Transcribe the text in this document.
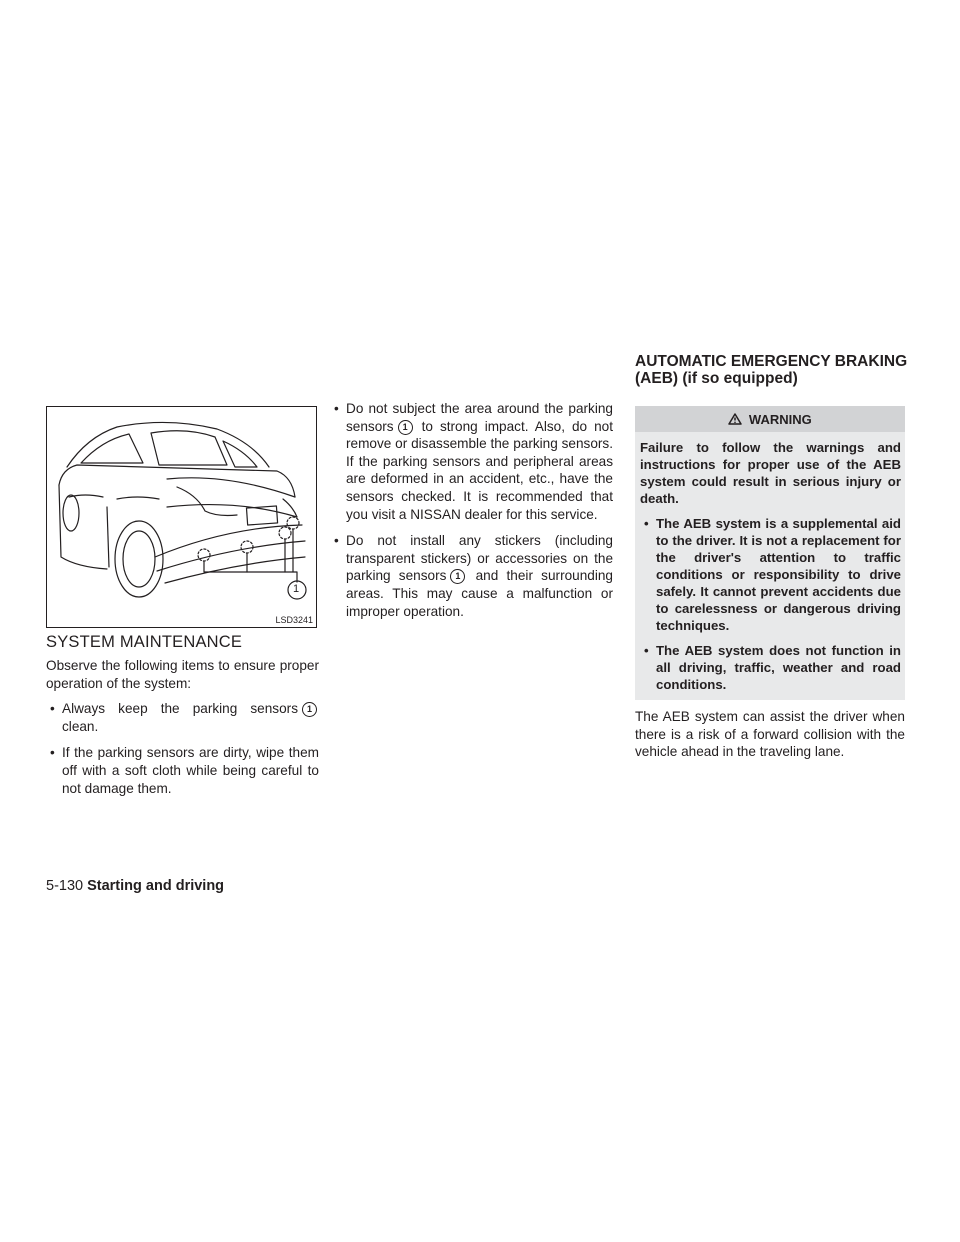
1
LSD3241
SYSTEM MAINTENANCE

Observe the following items to ensure proper operation of the system:

• Always keep the parking sensors 1 clean.
• If the parking sensors are dirty, wipe them off with a soft cloth while being careful to not damage them.
• Do not subject the area around the parking sensors 1 to strong impact. Also, do not remove or disassemble the parking sensors. If the parking sensors and peripheral areas are deformed in an accident, etc., have the sensors checked. It is recommended that you visit a NISSAN dealer for this service.
• Do not install any stickers (including transparent stickers) or accessories on the parking sensors 1 and their surrounding areas. This may cause a malfunction or improper operation.
AUTOMATIC EMERGENCY BRAKING
(AEB) (if so equipped)
WARNING

Failure to follow the warnings and instructions for proper use of the AEB system could result in serious injury or death.

• The AEB system is a supplemental aid to the driver. It is not a replacement for the driver's attention to traffic conditions or responsibility to drive safely. It cannot prevent accidents due to carelessness or dangerous driving techniques.
• The AEB system does not function in all driving, traffic, weather and road conditions.

The AEB system can assist the driver when there is a risk of a forward collision with the vehicle ahead in the traveling lane.

5-130 Starting and driving
